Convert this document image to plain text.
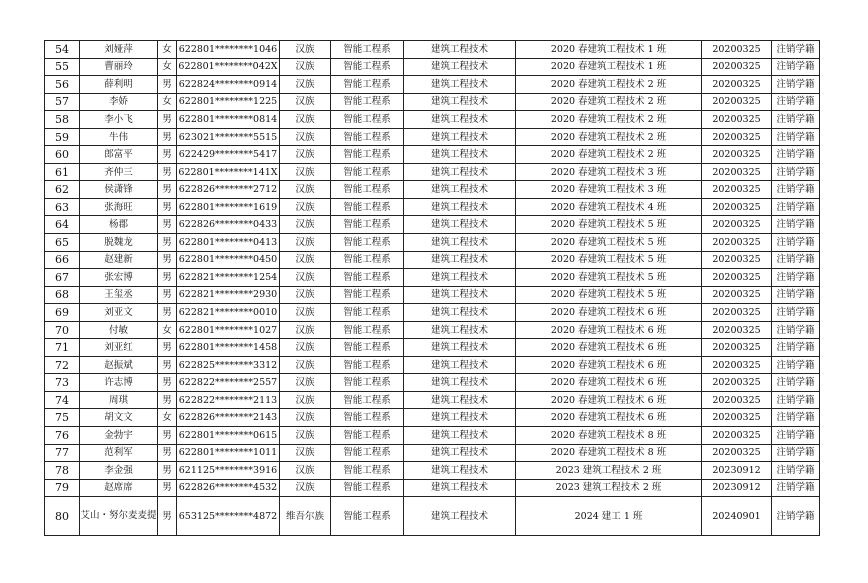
54	刘娅萍	女	622801********1046	汉族	智能工程系	建筑工程技术	2020 春建筑工程技术 1 班	20200325	注销学籍
55	曹丽玲	女	622801********042X	汉族	智能工程系	建筑工程技术	2020 春建筑工程技术 1 班	20200325	注销学籍
56	薛利明	男	622824********0914	汉族	智能工程系	建筑工程技术	2020 春建筑工程技术 2 班	20200325	注销学籍
57	李娇	女	622801********1225	汉族	智能工程系	建筑工程技术	2020 春建筑工程技术 2 班	20200325	注销学籍
58	李小飞	男	622801********0814	汉族	智能工程系	建筑工程技术	2020 春建筑工程技术 2 班	20200325	注销学籍
59	牛伟	男	623021********5515	汉族	智能工程系	建筑工程技术	2020 春建筑工程技术 2 班	20200325	注销学籍
60	郎富平	男	622429********5417	汉族	智能工程系	建筑工程技术	2020 春建筑工程技术 2 班	20200325	注销学籍
61	齐仲三	男	622801********141X	汉族	智能工程系	建筑工程技术	2020 春建筑工程技术 3 班	20200325	注销学籍
62	侯潇锋	男	622826********2712	汉族	智能工程系	建筑工程技术	2020 春建筑工程技术 3 班	20200325	注销学籍
63	张海旺	男	622801********1619	汉族	智能工程系	建筑工程技术	2020 春建筑工程技术 4 班	20200325	注销学籍
64	杨郡	男	622826********0433	汉族	智能工程系	建筑工程技术	2020 春建筑工程技术 5 班	20200325	注销学籍
65	脱魏龙	男	622801********0413	汉族	智能工程系	建筑工程技术	2020 春建筑工程技术 5 班	20200325	注销学籍
66	赵建新	男	622801********0450	汉族	智能工程系	建筑工程技术	2020 春建筑工程技术 5 班	20200325	注销学籍
67	张宏博	男	622821********1254	汉族	智能工程系	建筑工程技术	2020 春建筑工程技术 5 班	20200325	注销学籍
68	王玺丞	男	622821********2930	汉族	智能工程系	建筑工程技术	2020 春建筑工程技术 5 班	20200325	注销学籍
69	刘亚文	男	622821********0010	汉族	智能工程系	建筑工程技术	2020 春建筑工程技术 6 班	20200325	注销学籍
70	付敏	女	622801********1027	汉族	智能工程系	建筑工程技术	2020 春建筑工程技术 6 班	20200325	注销学籍
71	刘亚红	男	622801********1458	汉族	智能工程系	建筑工程技术	2020 春建筑工程技术 6 班	20200325	注销学籍
72	赵振斌	男	622825********3312	汉族	智能工程系	建筑工程技术	2020 春建筑工程技术 6 班	20200325	注销学籍
73	许志博	男	622822********2557	汉族	智能工程系	建筑工程技术	2020 春建筑工程技术 6 班	20200325	注销学籍
74	周琪	男	622822********2113	汉族	智能工程系	建筑工程技术	2020 春建筑工程技术 6 班	20200325	注销学籍
75	胡文文	女	622826********2143	汉族	智能工程系	建筑工程技术	2020 春建筑工程技术 6 班	20200325	注销学籍
76	金勃宇	男	622801********0615	汉族	智能工程系	建筑工程技术	2020 春建筑工程技术 8 班	20200325	注销学籍
77	范利军	男	622801********1011	汉族	智能工程系	建筑工程技术	2020 春建筑工程技术 8 班	20200325	注销学籍
78	李金强	男	621125********3916	汉族	智能工程系	建筑工程技术	2023 建筑工程技术 2 班	20230912	注销学籍
79	赵席席	男	622826********4532	汉族	智能工程系	建筑工程技术	2023 建筑工程技术 2 班	20230912	注销学籍
80	艾山・努尔麦麦提	男	653125********4872	维吾尔族	智能工程系	建筑工程技术	2024 建工 1 班	20240901	注销学籍
